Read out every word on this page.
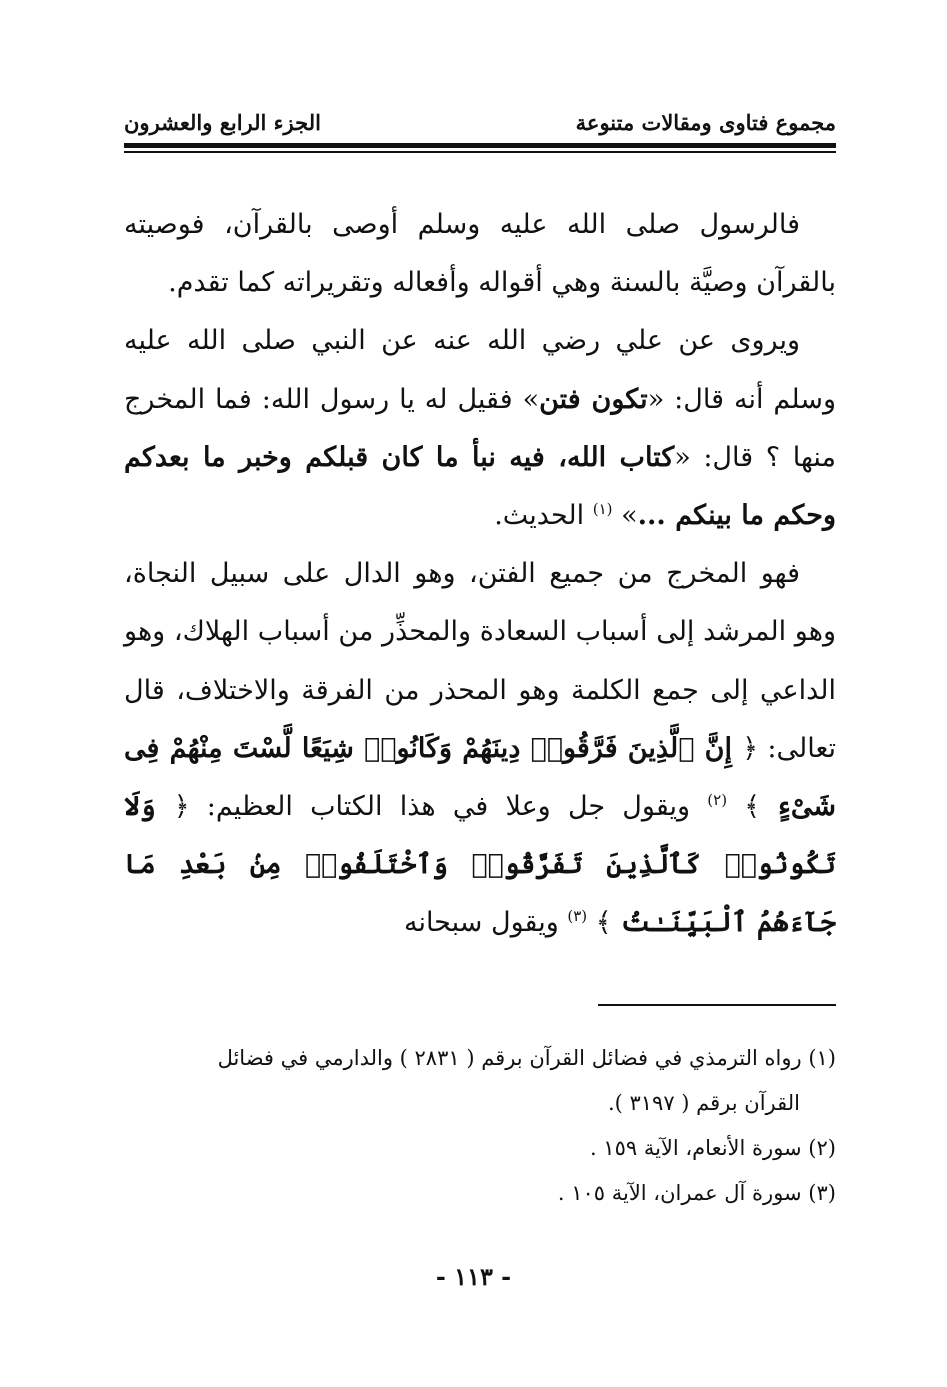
مجموع فتاوى ومقالات متنوعة
الجزء الرابع والعشرون

فالرسول صلى الله عليه وسلم أوصى بالقرآن، فوصيته بالقرآن وصيَّة بالسنة وهي أقواله وأفعاله وتقريراته كما تقدم.

ويروى عن علي رضي الله عنه عن النبي صلى الله عليه وسلم أنه قال: «تكون فتن» فقيل له يا رسول الله: فما المخرج منها ؟ قال: «كتاب الله، فيه نبأ ما كان قبلكم وخبر ما بعدكم وحكم ما بينكم ...» $^{(١)}$ الحديث.

فهو المخرج من جميع الفتن، وهو الدال على سبيل النجاة، وهو المرشد إلى أسباب السعادة والمحذِّر من أسباب الهلاك، وهو الداعي إلى جمع الكلمة وهو المحذر من الفرقة والاختلاف، قال تعالى: ﴿ إِنَّ ٱلَّذِينَ فَرَّقُوا۟ دِينَهُمْ وَكَانُوا۟ شِيَعًا لَّسْتَ مِنْهُمْ فِى شَىْءٍ ﴾ $^{(٢)}$ ويقول جل وعلا في هذا الكتاب العظيم: ﴿ وَلَا تَكُونُوا۟ كَٱلَّذِينَ تَفَرَّقُوا۟ وَٱخْتَلَفُوا۟ مِنۢ بَعْدِ مَا جَآءَهُمُ ٱلْبَيِّنَـٰتُ ﴾ $^{(٣)}$ ويقول سبحانه

(١) رواه الترمذي في فضائل القرآن برقم ( ٢٨٣١ ) والدارمي في فضائل

القرآن برقم ( ٣١٩٧ ).

(٢) سورة الأنعام، الآية ١٥٩ .

(٣) سورة آل عمران، الآية ١٠٥ .

- ١١٣ -
